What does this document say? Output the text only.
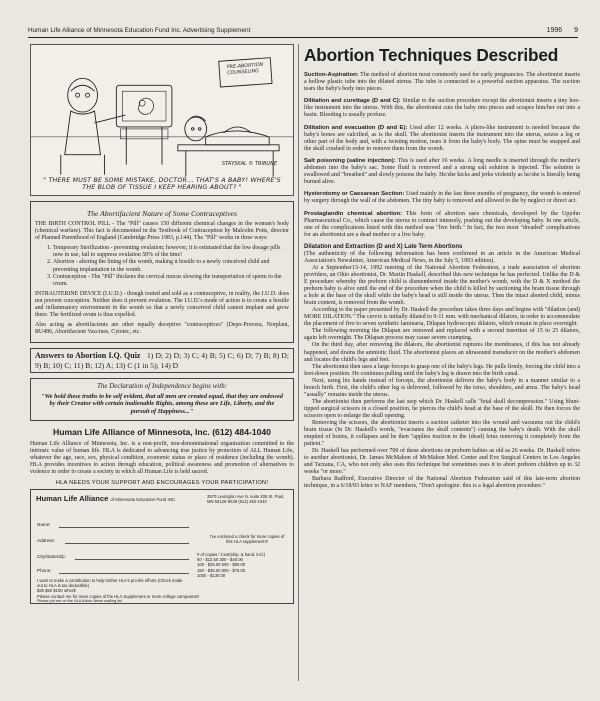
Human Life Alliance of Minnesota Education Fund Inc. Advertising Supplement	1996 9
PRE-ABORTION COUNSELING
STAYSKAL © TRIBUNE
" THERE MUST BE SOME MISTAKE, DOCTOR... THAT'S A BABY! WHERE'S THE BLOB OF TISSUE I KEEP HEARING ABOUT? "
The Abortifacient Nature of Some Contraceptives

THE BIRTH CONTROL PILL - The "Pill" causes 150 different chemical changes in the woman's body (chemical warfare). This fact is documented in the Textbook of Contraception by Malcolm Potts, director of Planned Parenthood of England (Cambridge Press 1983, p.144). The "Pill" works in three ways:

1. Temporary Sterilization - preventing ovulation; however, it is estimated that the low dosage pills now in use, fail to suppress ovulation 50% of the time!
2. Abortion - altering the lining of the womb, making it hostile to a newly conceived child and preventing implantation in the womb.
3. Contraception - The "Pill" thickens the cervical mucus slowing the transportation of sperm to the ovum.

INTRAUTERINE DEVICE (I.U.D.) - though touted and sold as a contraceptive, in reality, the I.U.D. does not prevent conception. Neither does it prevent ovulation. The I.U.D.'s mode of action is to create a hostile and inflammatory environment in the womb so that a newly conceived child cannot implant and grow there. The fertilized ovum is thus expelled.

Also acting as abortifacients are other equally deceptive "contraceptives" (Depo-Provera, Norplant, RU486, Abortifacient Vaccines, Cytotec, etc.

Answers to Abortion I.Q. Quiz 1) D; 2) D; 3) C; 4) B; 5) C; 6) D; 7) B; 8) D; 9) B; 10) C; 11) B; 12) A; 13) C (1 in 5); 14) D
The Declaration of Independence begins with:
"We hold these truths to be self evident, that all men are created equal, that they are endowed by their Creator with certain inalienable Rights, among these are Life, Liberty, and the pursuit of Happiness..."
Human Life Alliance of Minnesota, Inc. (612) 484-1040

Human Life Alliance of Minnesota, Inc. is a non-profit, non-denominational organization committed to the intrinsic value of human life. HLA is dedicated to advancing true justice by protection of ALL Human Life, whatever the age, race, sex, physical condition, economic status or place of residence (including the womb). HLA provides incentives to action through education, political awareness and promotion of alternatives to violence in order to create a society in which all Human Life is held sacred.

HLA NEEDS YOUR SUPPORT AND ENCOURAGES YOUR PARTICIPATION!
Human Life Alliance of Minnesota Education Fund INC.
3570 Lexington Ave N. suite 205 St. Paul, MN 55126-8039 (612) 484-1040
Name:
Address:
City/State/Zip:
Phone:
I've enclosed a check for more copies of this HLA supplement!!!
# of copies / Cost(ship. & hand. incl.)
50 - $12.50 300 - $40.00
100 - $25.00 500 - $60.00
150 - $35.00 800 - $75.00
1000 - $130.00
I want to make a contribution to help further HLA's pro-life efforts (Check made out to HLA is tax deductible)
$25 $50 $100 other$
Please contact me for more copies of the HLA Supplement or more college campuses!!!
Please put me on the HLA Action News mailing list
Abortion Techniques Described

Suction-Aspiration: The method of abortion most commonly used for early pregnancies. The abortionist inserts a hollow plastic tube into the dilated uterus. The tube is connected to a powerful suction apparatus. The suction tears the baby's body into pieces.

Dilitation and curettage (D and C): Similar to the suction procedure except the abortionist inserts a tiny hoe-like instrument into the uterus. With this, the abortionist cuts the baby into pieces and scrapes him/her out into a basin. Bleeding is usually profuse.

Dilitation and evacuation (D and E): Used after 12 weeks. A pliers-like instrument is needed because the baby's bones are calcified, as is the skull. The abortionist inserts the instrument into the uterus, seizes a leg or other part of the body and, with a twisting motion, tears it from the baby's body. The spine must be snapped and the skull crushed in order to remove them from the womb.

Salt poisoning (saline injection): This is used after 16 weeks. A long needle is inserted through the mother's abdomen into the baby's sac. Some fluid is removed and a strong salt solution is injected. The solution is swallowed and "breathed" and slowly poisons the baby. He/she kicks and jerks violently as he/she is literally being burned alive.

Hysterotomy or Caesarean Section: Used mainly in the last three months of pregnancy, the womb is entered by surgery through the wall of the abdomen. The tiny baby is removed and allowed to die by neglect or direct act.

Prostaglandin chemical abortion: This form of abortion uses chemicals, developed by the Upjohn Pharmaceutical Co., which cause the uterus to contract intensely, pushing out the developing baby. In one article, one of the complications listed with this method was "live birth." In fact, the two most "dreaded" complications for an abortionist are a dead mother or a live baby.

Dilatation and Extraction (D and X) Late Term Abortions

(The authenticity of the following information has been confirmed in an article in the American Medical Association's Newsletter, American Medical News, in the July 5, 1993 edition).

At a September13-14, 1992 meeting of the National Abortion Federation, a trade association of abortion providers, an Ohio abortionist, Dr. Martin Haskell, described this new technique he has perfected. Unlike the D & E procedure whereby the preborn child is dismembered inside the mother's womb, with the D & X method the preborn baby is alive until the end of the procedure when the child is killed by suctioning the brain tissue through a hole at the base of the skull while the baby's head is still inside the uterus. Then the intact aborted child, minus brain content, is removed from the womb.

According to the paper presented by Dr. Haskell the procedure takes three days and begins with "dilation (and) MORE DILATION." The cervix is initially dilated to 9-11 mm. with mechanical dilators, in order to accommodate the placement of five to seven synthetic laminaria, Dilapan hydroscopic dilators, which remain in place overnight.

The following morning the Dilapan are removed and replaced with a second insertion of 15 to 25 dilators, again left overnight. The Dilapan process may cause severe cramping.

On the third day, after removing the dilators, the abortionist ruptures the membranes, if this has not already happened, and drains the amniotic fluid. The abortionist places an ultrasound transducer on the mother's abdomen and locates the child's legs and feet.

The abortionist then uses a large forceps to grasp one of the baby's legs. He pulls firmly, forcing the child into a feet-down position. He continues pulling until the baby's leg is drawn into the birth canal.

Next, using his hands instead of forceps, the abortionist delivers the baby's body in a manner similar to a breech birth. First, the child's other leg is delivered, followed by the torso, shoulders, and arms. The baby's head "usually" remains inside the uterus.

The abortionist then performs the last step which Dr. Haskell calls "fetal skull decompression." Using blunt-tipped surgical scissors in a closed position, he pierces the child's head at the base of the skull. He then forces the scissors open to enlarge the skull opening.

Removing the scissors, the abortionist inserts a suction catheter into the wound and vacuums out the child's brain tissue (In Dr. Haskell's words, "evacuates the skull contents") causing the baby's death. With the skull emptied of brains, it collapses and he then "applies traction to the (dead) fetus removing it completely from the patient."

Dr. Haskell has performed over 700 of these abortions on preborn babies as old as 26 weeks. Dr. Haskell refers to another abortionist, Dr. James McMahon of McMahon Med. Center and Eve Surgical Centers in Los Angeles and Tarzana, CA, who not only also uses this technique but sometimes uses it to abort preborn children up to 32 weeks "or more."

Barbara Radford, Executive Director of the National Abortion Federation said of this late-term abortion technique, in a 6/18/93 letter to NAF members, "Don't apologize: this is a legal abortion procedure."
